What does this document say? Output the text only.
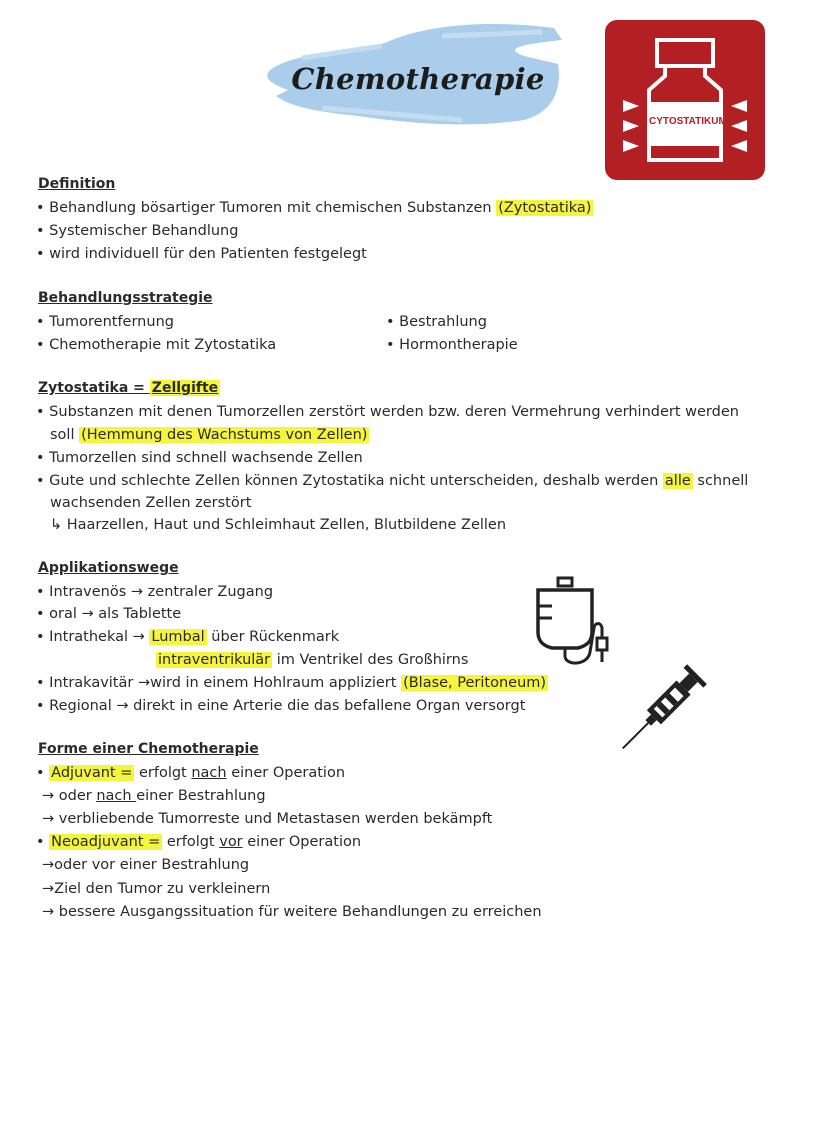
Chemotherapie
CYTOSTATIKUM
Definition
• Behandlung bösartiger Tumoren mit chemischen Substanzen (Zytostatika)
• Systemischer Behandlung
• wird individuell für den Patienten festgelegt
Behandlungsstrategie
• Tumorentfernung
• Chemotherapie mit Zytostatika
• Bestrahlung
• Hormontherapie
Zytostatika = Zellgifte
• Substanzen mit denen Tumorzellen zerstört werden bzw. deren Vermehrung verhindert werden
soll (Hemmung des Wachstums von Zellen)
• Tumorzellen sind schnell wachsende Zellen
• Gute und schlechte Zellen können Zytostatika nicht unterscheiden, deshalb werden alle schnell
wachsenden Zellen zerstört
↳ Haarzellen, Haut und Schleimhaut Zellen, Blutbildene Zellen
Applikationswege
• Intravenös → zentraler Zugang
• oral → als Tablette
• Intrathekal → Lumbal über Rückenmark
intraventrikulär im Ventrikel des Großhirns
• Intrakavitär →wird in einem Hohlraum appliziert (Blase, Peritoneum)
• Regional → direkt in eine Arterie die das befallene Organ versorgt
Forme einer Chemotherapie
• Adjuvant = erfolgt nach einer Operation
→ oder nach einer Bestrahlung
→ verbliebende Tumorreste und Metastasen werden bekämpft
• Neoadjuvant = erfolgt vor einer Operation
→oder vor einer Bestrahlung
→Ziel den Tumor zu verkleinern
→ bessere Ausgangssituation für weitere Behandlungen zu erreichen
